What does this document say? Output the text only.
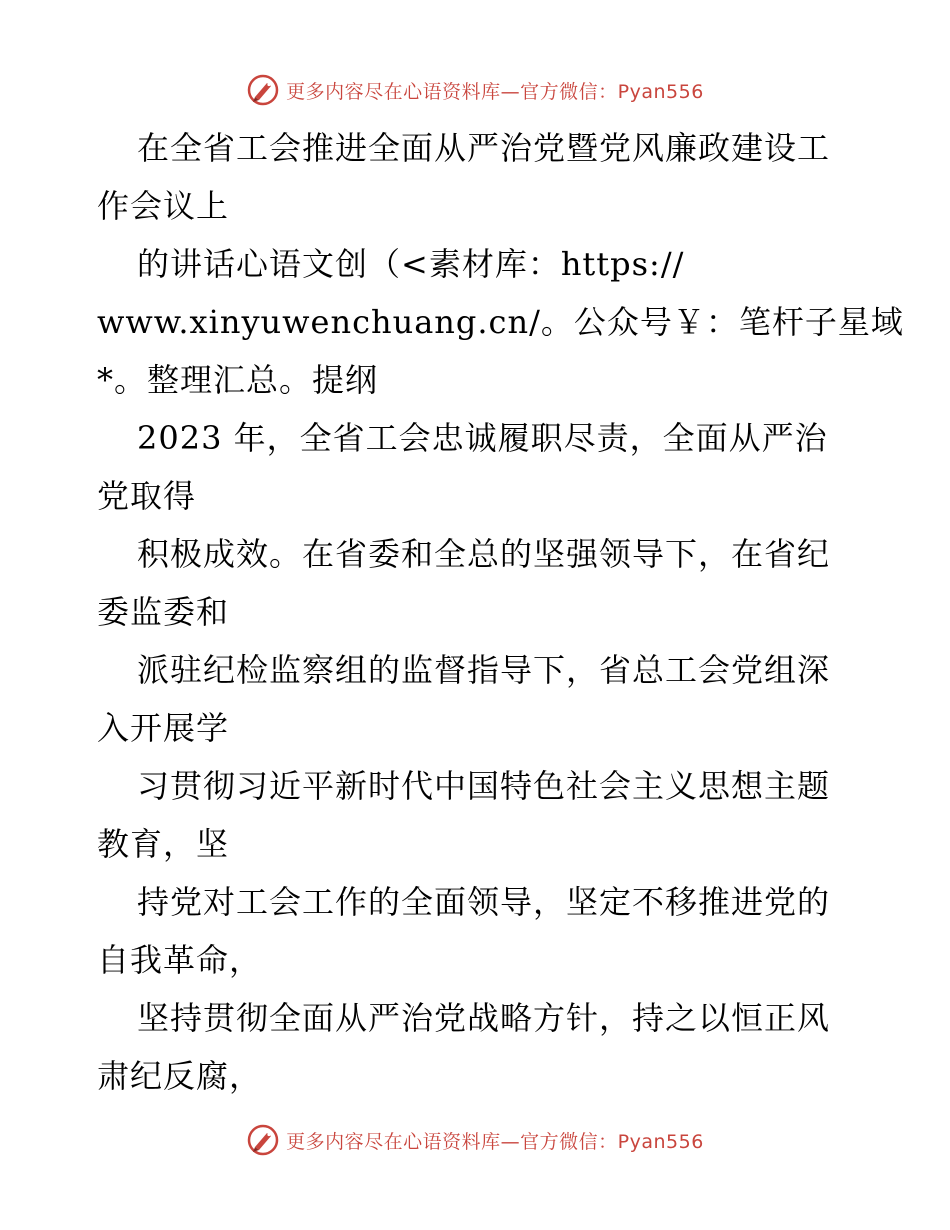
更多内容尽在心语资料库—官方微信：Pyan556
在全省工会推进全面从严治党暨党风廉政建设工
作会议上
的讲话心语文创（<素材库：https://
www.xinyuwenchuang.cn/。公众号￥：笔杆子星域
*。整理汇总。提纲
2023 年，全省工会忠诚履职尽责，全面从严治
党取得
积极成效。在省委和全总的坚强领导下，在省纪
委监委和
派驻纪检监察组的监督指导下，省总工会党组深
入开展学
习贯彻习近平新时代中国特色社会主义思想主题
教育，坚
持党对工会工作的全面领导，坚定不移推进党的
自我革命，
坚持贯彻全面从严治党战略方针，持之以恒正风
肃纪反腐，
更多内容尽在心语资料库—官方微信：Pyan556
